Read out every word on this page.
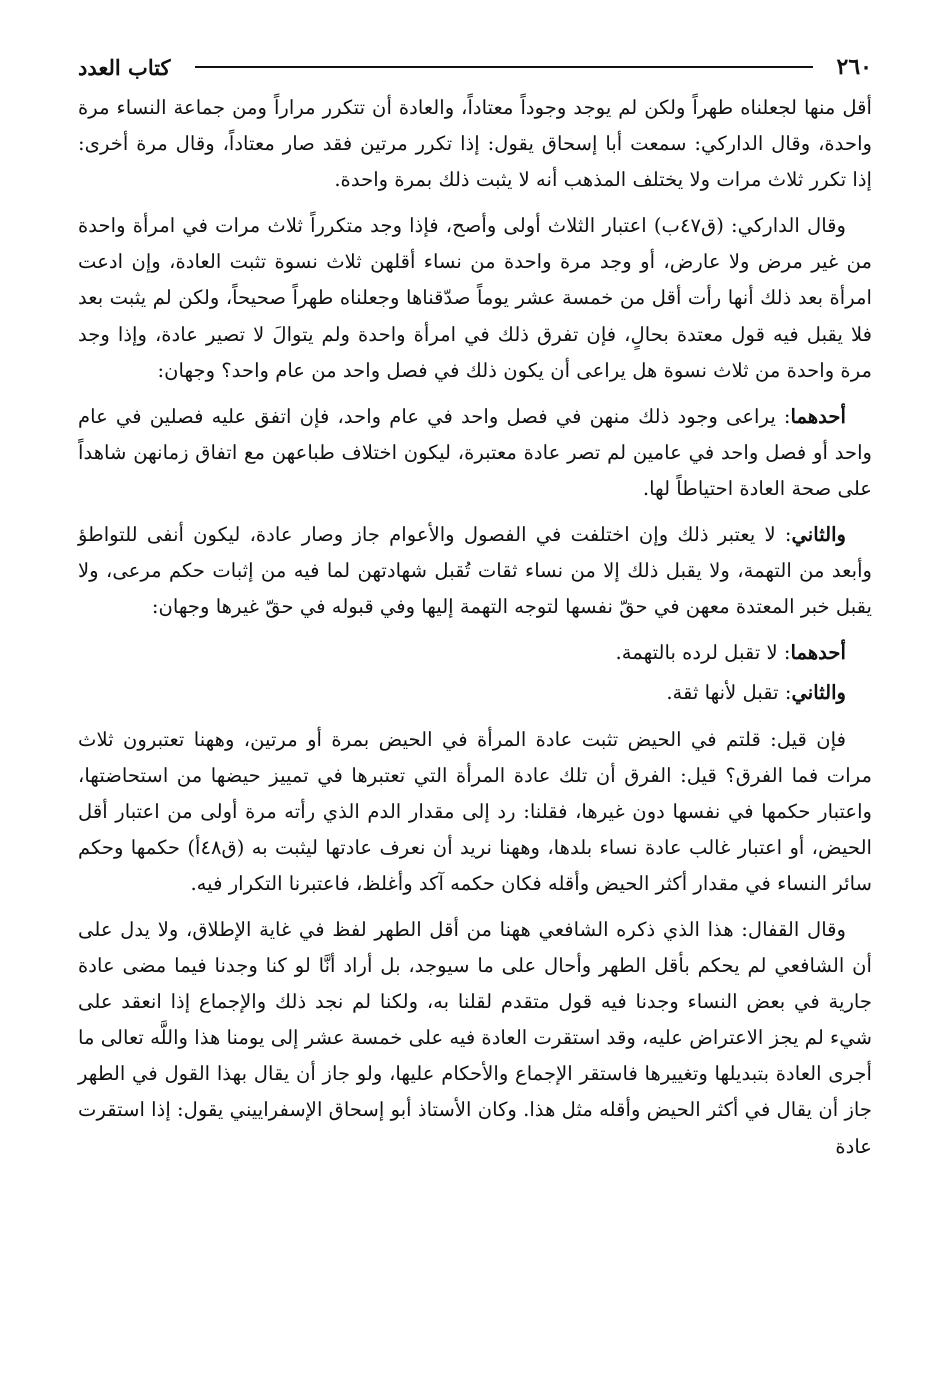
٢٦٠
كتاب العدد

أقل منها لجعلناه طهراً ولكن لم يوجد وجوداً معتاداً، والعادة أن تتكرر مراراً ومن جماعة النساء مرة واحدة، وقال الداركي: سمعت أبا إسحاق يقول: إذا تكرر مرتين فقد صار معتاداً، وقال مرة أخرى: إذا تكرر ثلاث مرات ولا يختلف المذهب أنه لا يثبت ذلك بمرة واحدة.

وقال الداركي: (ق٤٧ب) اعتبار الثلاث أولى وأصح، فإذا وجد متكرراً ثلاث مرات في امرأة واحدة من غير مرض ولا عارض، أو وجد مرة واحدة من نساء أقلهن ثلاث نسوة تثبت العادة، وإن ادعت امرأة بعد ذلك أنها رأت أقل من خمسة عشر يوماً صدّقناها وجعلناه طهراً صحيحاً، ولكن لم يثبت بعد فلا يقبل فيه قول معتدة بحالٍ، فإن تفرق ذلك في امرأة واحدة ولم يتوالَ لا تصير عادة، وإذا وجد مرة واحدة من ثلاث نسوة هل يراعى أن يكون ذلك في فصل واحد من عام واحد؟ وجهان:

أحدهما: يراعى وجود ذلك منهن في فصل واحد في عام واحد، فإن اتفق عليه فصلين في عام واحد أو فصل واحد في عامين لم تصر عادة معتبرة، ليكون اختلاف طباعهن مع اتفاق زمانهن شاهداً على صحة العادة احتياطاً لها.

والثاني: لا يعتبر ذلك وإن اختلفت في الفصول والأعوام جاز وصار عادة، ليكون أنفى للتواطؤ وأبعد من التهمة، ولا يقبل ذلك إلا من نساء ثقات تُقبل شهادتهن لما فيه من إثبات حكم مرعى، ولا يقبل خبر المعتدة معهن في حقّ نفسها لتوجه التهمة إليها وفي قبوله في حقّ غيرها وجهان:

أحدهما: لا تقبل لرده بالتهمة.

والثاني: تقبل لأنها ثقة.

فإن قيل: قلتم في الحيض تثبت عادة المرأة في الحيض بمرة أو مرتين، وههنا تعتبرون ثلاث مرات فما الفرق؟ قيل: الفرق أن تلك عادة المرأة التي تعتبرها في تمييز حيضها من استحاضتها، واعتبار حكمها في نفسها دون غيرها، فقلنا: رد إلى مقدار الدم الذي رأته مرة أولى من اعتبار أقل الحيض، أو اعتبار غالب عادة نساء بلدها، وههنا نريد أن نعرف عادتها ليثبت به (ق٤٨أ) حكمها وحكم سائر النساء في مقدار أكثر الحيض وأقله فكان حكمه آكد وأغلظ، فاعتبرنا التكرار فيه.

وقال القفال: هذا الذي ذكره الشافعي ههنا من أقل الطهر لفظ في غاية الإطلاق، ولا يدل على أن الشافعي لم يحكم بأقل الطهر وأحال على ما سيوجد، بل أراد أنَّا لو كنا وجدنا فيما مضى عادة جارية في بعض النساء وجدنا فيه قول متقدم لقلنا به، ولكنا لم نجد ذلك والإجماع إذا انعقد على شيء لم يجز الاعتراض عليه، وقد استقرت العادة فيه على خمسة عشر إلى يومنا هذا واللَّه تعالى ما أجرى العادة بتبديلها وتغييرها فاستقر الإجماع والأحكام عليها، ولو جاز أن يقال بهذا القول في الطهر جاز أن يقال في أكثر الحيض وأقله مثل هذا. وكان الأستاذ أبو إسحاق الإسفراييني يقول: إذا استقرت عادة
